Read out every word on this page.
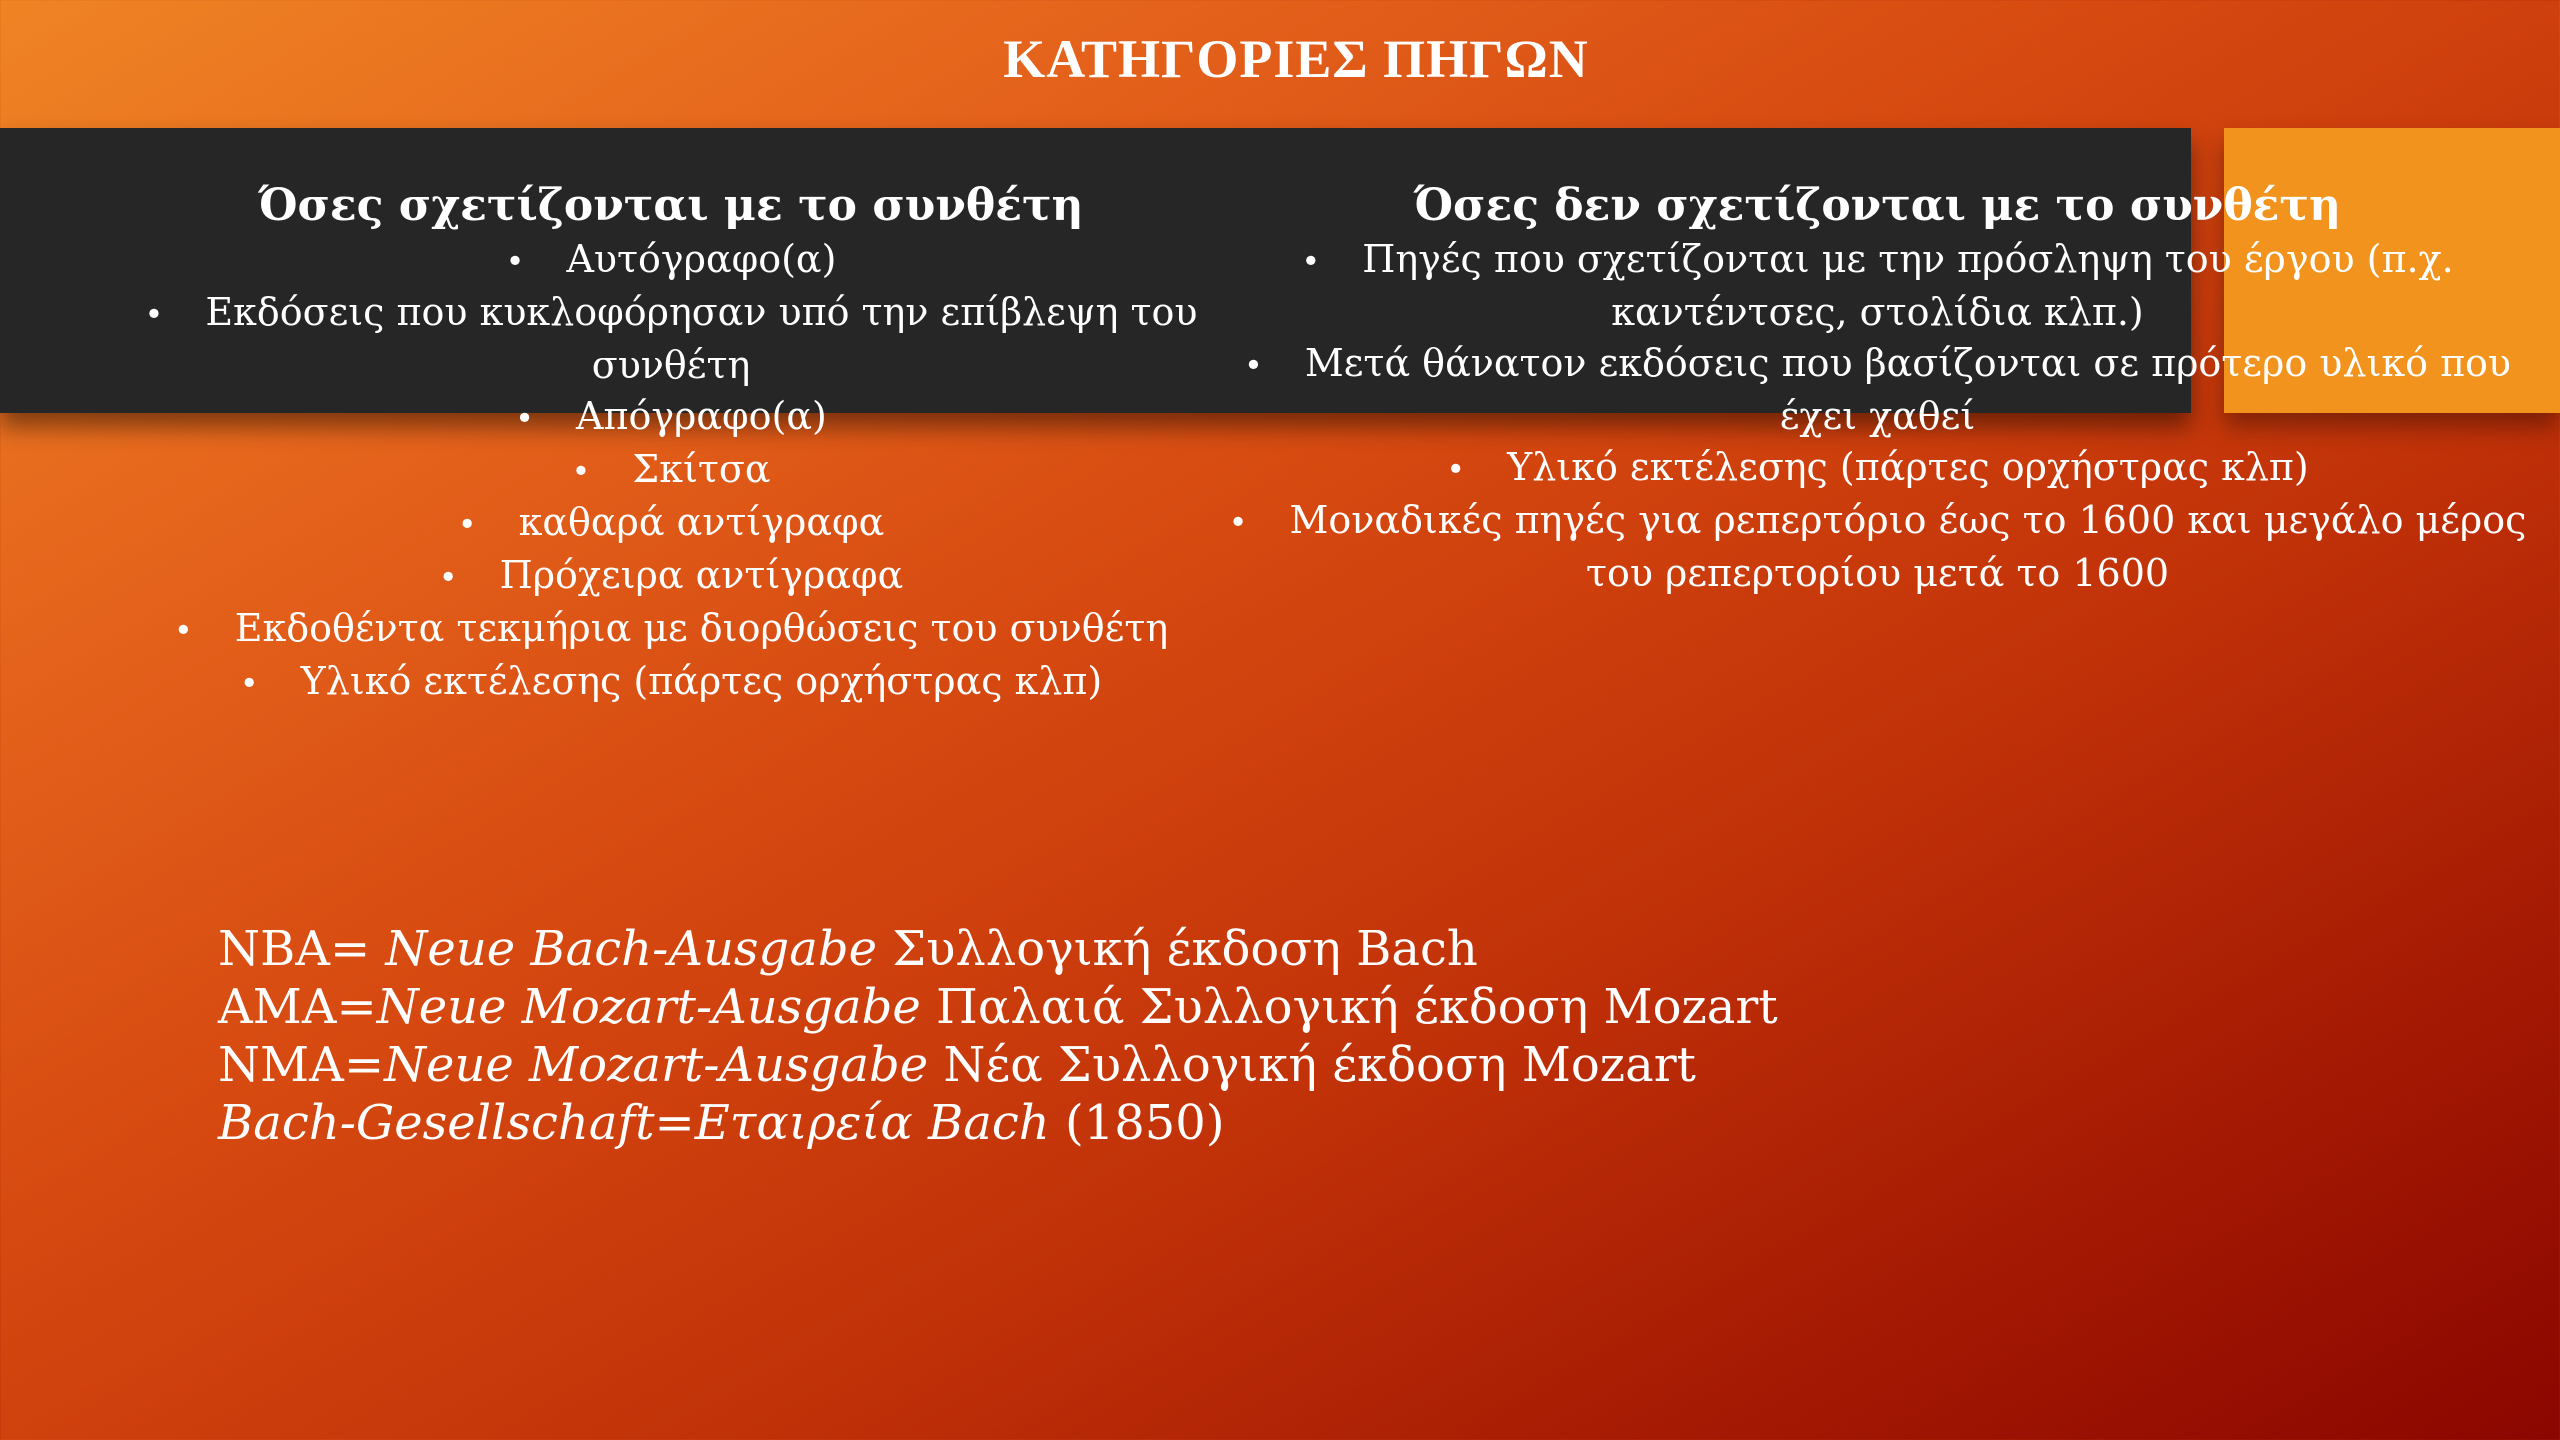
ΚΑΤΗΓΟΡΙΕΣ ΠΗΓΩΝ
Όσες σχετίζονται με το συνθέτη
• Αυτόγραφο(α)
• Εκδόσεις που κυκλοφόρησαν υπό την επίβλεψη του συνθέτη
• Απόγραφο(α)
• Σκίτσα
• καθαρά αντίγραφα
• Πρόχειρα αντίγραφα
• Εκδοθέντα τεκμήρια με διορθώσεις του συνθέτη
• Υλικό εκτέλεσης (πάρτες ορχήστρας κλπ)
Όσες δεν σχετίζονται με το συνθέτη
• Πηγές που σχετίζονται με την πρόσληψη του έργου (π.χ. καντέντσες, στολίδια κλπ.)
• Μετά θάνατον εκδόσεις που βασίζονται σε πρότερο υλικό που έχει χαθεί
• Υλικό εκτέλεσης (πάρτες ορχήστρας κλπ)
• Μοναδικές πηγές για ρεπερτόριο έως το 1600 και μεγάλο μέρος του ρεπερτορίου μετά το 1600
NBA= Neue Bach-Ausgabe Συλλογική έκδοση Bach
AMA=Neue Mozart-Ausgabe Παλαιά Συλλογική έκδοση Mozart
NMA=Neue Mozart-Ausgabe Νέα Συλλογική έκδοση Mozart
Bach-Gesellschaft=Εταιρεία Bach (1850)
